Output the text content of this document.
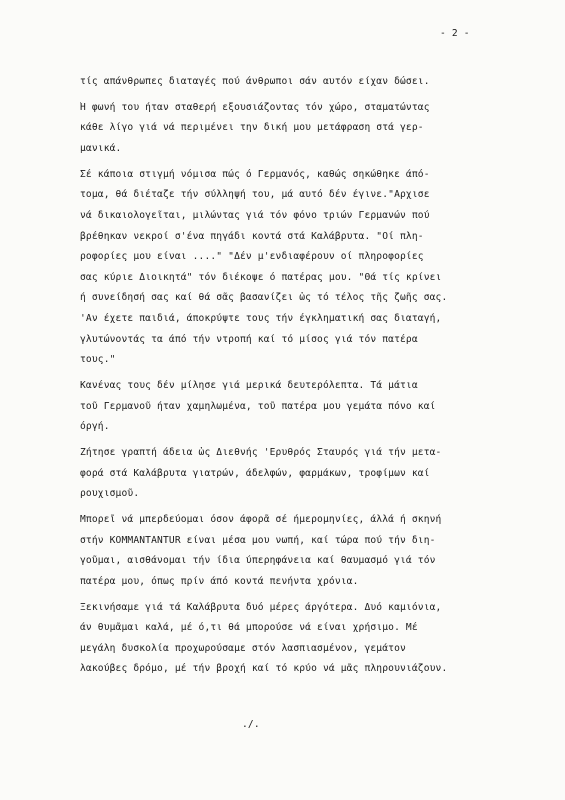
- 2 -
τίς απάνθρωπες διαταγές πού άνθρωποι σάν αυτόν είχαν δώσει.
Ή φωνή του ήταν σταθερή εξουσιάζοντας τόν χώρο, σταματώντας
κάθε λίγο γιά νά περιμένει την δική μου μετάφραση στά γερ-
μανικά.
Σέ κάποια στιγμή νόμισα πώς ό Γερμανός, καθώς σηκώθηκε άπό-
τομα, θά διέταζε τήν σύλληψή του, μά αυτό δέν έγινε."Αρχισε
νά δικαιολογεῖται, μιλώντας γιά τόν φόνο τριών Γερμανών πού
βρέθηκαν νεκροί σ'ένα πηγάδι κοντά στά Καλάβρυτα. "Οί πλη-
ροφορίες μου είναι ...." "Δέν μ'ενδιαφέρουν οί πληροφορίες
σας κύριε Διοικητά" τόν διέκοψε ό πατέρας μου. "Θά τίς κρίνει
ή συνείδησή σας καί θά σᾶς βασανίζει ὡς τό τέλος τῆς ζωῆς σας.
'Αν έχετε παιδιά, άποκρύψτε τους τήν έγκληματική σας διαταγή,
γλυτώνοντάς τα άπό τήν ντροπή καί τό μίσος γιά τόν πατέρα
τους."
Κανένας τους δέν μίλησε γιά μερικά δευτερόλεπτα. Τά μάτια
τοῦ Γερμανοῦ ήταν χαμηλωμένα, τοῦ πατέρα μου γεμάτα πόνο καί
όργή.
Ζήτησε γραπτή άδεια ὡς Διεθνής 'Ερυθρός Σταυρός γιά τήν μετα-
φορά στά Καλάβρυτα γιατρών, άδελφών, φαρμάκων, τροφίμων καί
ρουχισμοῦ.
Μπορεῖ νά μπερδεύομαι όσον άφορᾶ σέ ήμερομηνίες, άλλά ή σκηνή
στήν KOMMANTANTUR είναι μέσα μου νωπή, καί τώρα πού τήν διη-
γοῦμαι, αισθάνομαι τήν ίδια ύπερηφάνεια καί θαυμασμό γιά τόν
πατέρα μου, όπως πρίν άπό κοντά πενήντα χρόνια.
Ξεκινήσαμε γιά τά Καλάβρυτα δυό μέρες άργότερα. Δυό καμιόνια,
άν θυμᾶμαι καλά, μέ ό,τι θά μπορούσε νά είναι χρήσιμο. Μέ
μεγάλη δυσκολία προχωρούσαμε στόν λασπιασμένον, γεμάτον
λακούβες δρόμο, μέ τήν βροχή καί τό κρύο νά μᾶς πληρουνιάζουν.
./.
